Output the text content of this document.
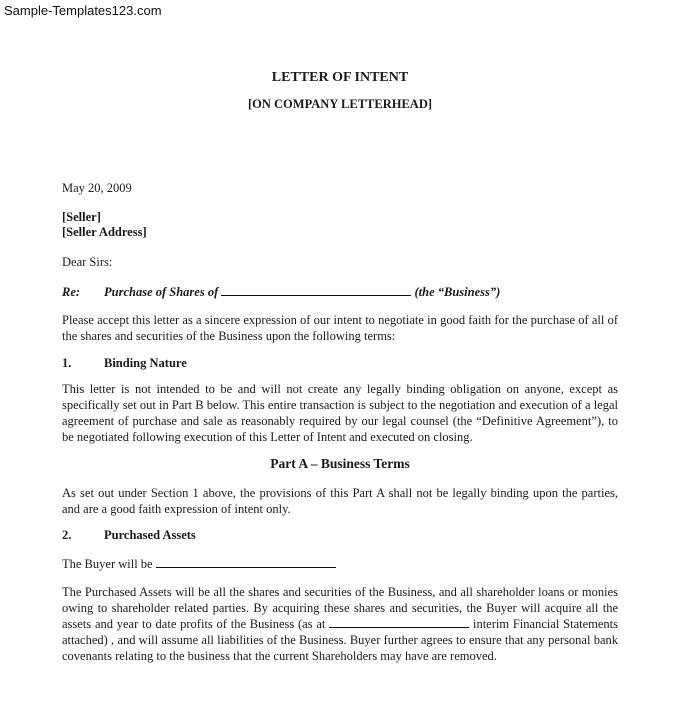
Sample-Templates123.com
LETTER OF INTENT
[ON COMPANY LETTERHEAD]
May 20, 2009
[Seller]
[Seller Address]
Dear Sirs:
Re: Purchase of Shares of	(the “Business”)
Please accept this letter as a sincere expression of our intent to negotiate in good faith for the purchase of all of the shares and securities of the Business upon the following terms:
1.	Binding Nature
This letter is not intended to be and will not create any legally binding obligation on anyone, except as specifically set out in Part B below. This entire transaction is subject to the negotiation and execution of a legal agreement of purchase and sale as reasonably required by our legal counsel (the “Definitive Agreement”), to be negotiated following execution of this Letter of Intent and executed on closing.
Part A – Business Terms
As set out under Section 1 above, the provisions of this Part A shall not be legally binding upon the parties, and are a good faith expression of intent only.
2.	Purchased Assets
The Buyer will be
The Purchased Assets will be all the shares and securities of the Business, and all shareholder loans or monies owing to shareholder related parties. By acquiring these shares and securities, the Buyer will acquire all the assets and year to date profits of the Business (as at	interim Financial Statements attached) , and will assume all liabilities of the Business. Buyer further agrees to ensure that any personal bank covenants relating to the business that the current Shareholders may have are removed.
